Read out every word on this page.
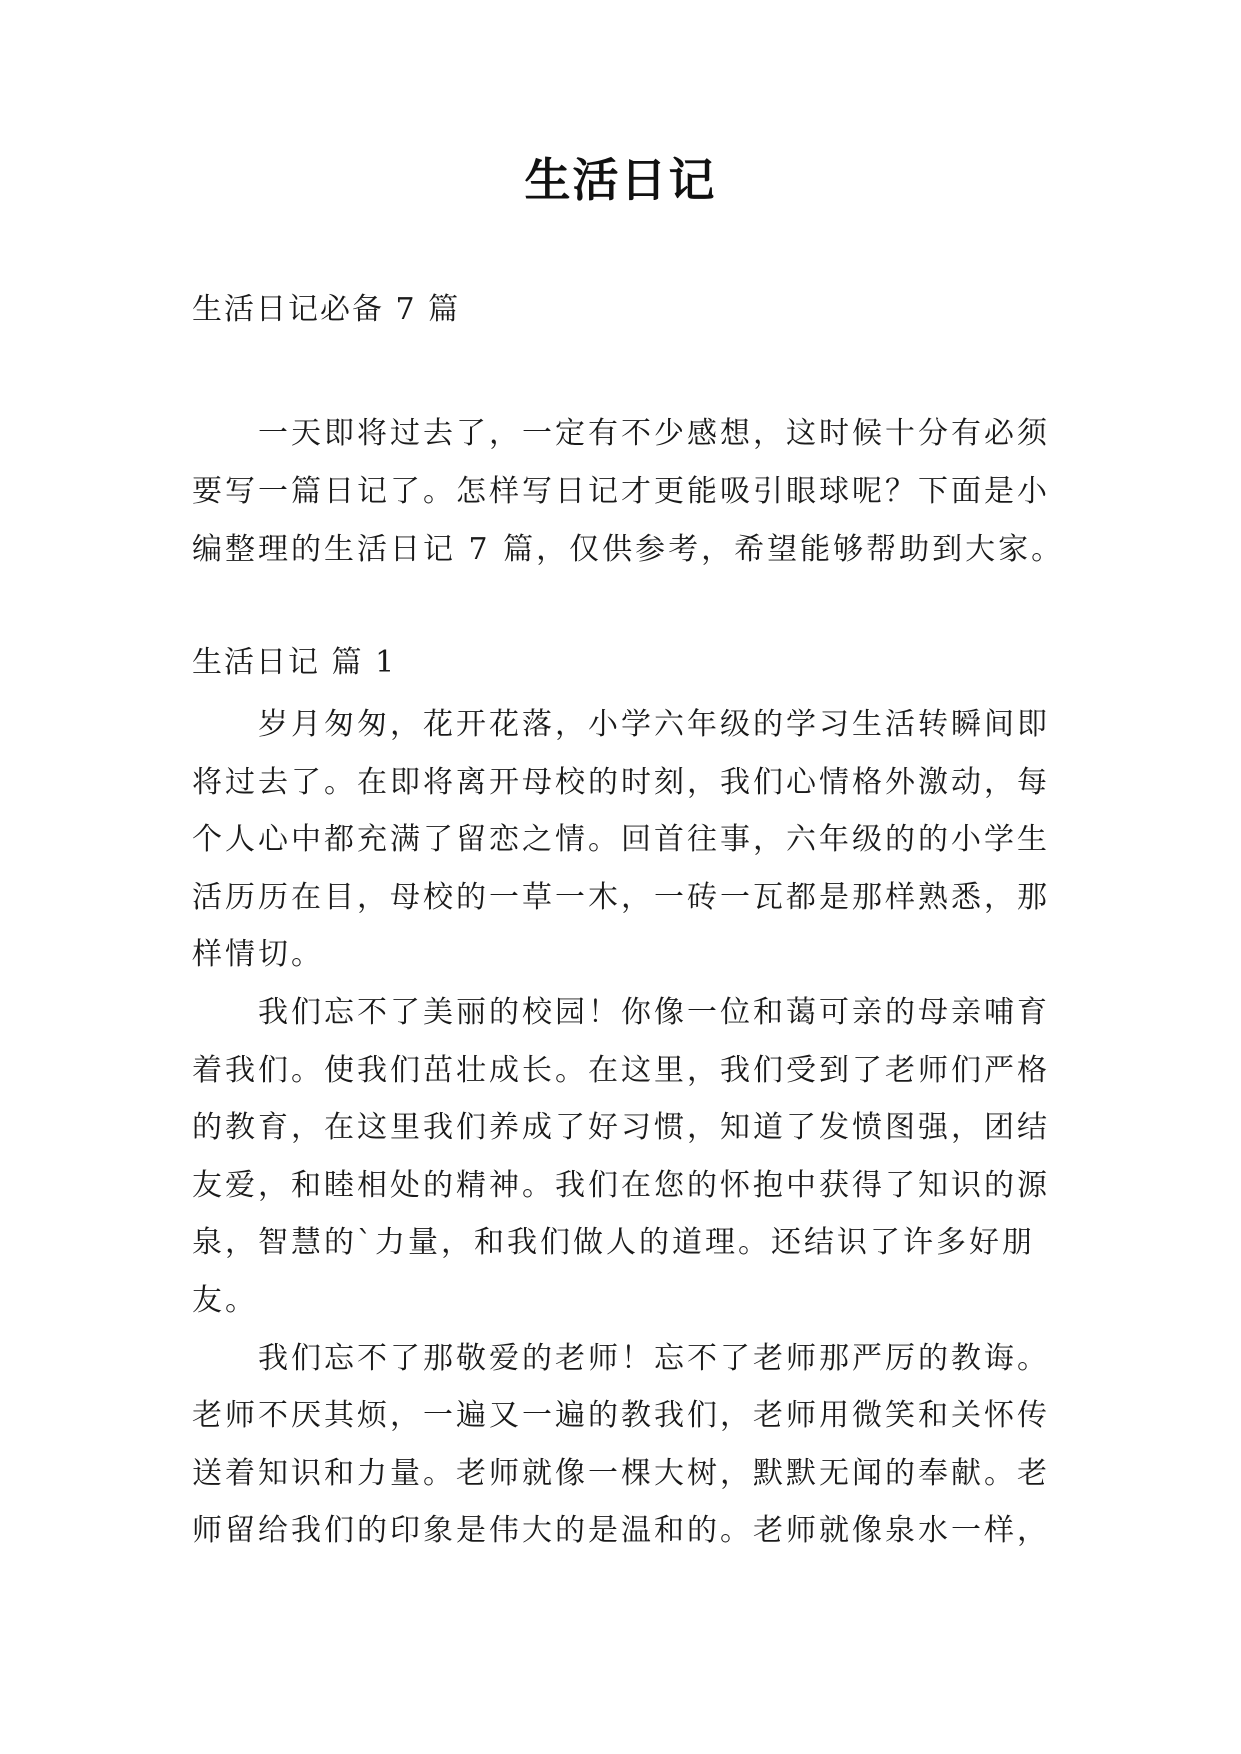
生活日记
生活日记必备 7 篇

一天即将过去了，一定有不少感想，这时候十分有必须要写一篇日记了。怎样写日记才更能吸引眼球呢？下面是小编整理的生活日记 7 篇，仅供参考，希望能够帮助到大家。

生活日记 篇 1

岁月匆匆，花开花落，小学六年级的学习生活转瞬间即将过去了。在即将离开母校的时刻，我们心情格外激动，每个人心中都充满了留恋之情。回首往事，六年级的的小学生活历历在目，母校的一草一木，一砖一瓦都是那样熟悉，那样情切。

我们忘不了美丽的校园！你像一位和蔼可亲的母亲哺育着我们。使我们茁壮成长。在这里，我们受到了老师们严格的教育，在这里我们养成了好习惯，知道了发愤图强，团结友爱，和睦相处的精神。我们在您的怀抱中获得了知识的源泉，智慧的`力量，和我们做人的道理。还结识了许多好朋友。

我们忘不了那敬爱的老师！忘不了老师那严厉的教诲。老师不厌其烦，一遍又一遍的教我们，老师用微笑和关怀传送着知识和力量。老师就像一棵大树，默默无闻的奉献。老师留给我们的印象是伟大的是温和的。老师就像泉水一样，
